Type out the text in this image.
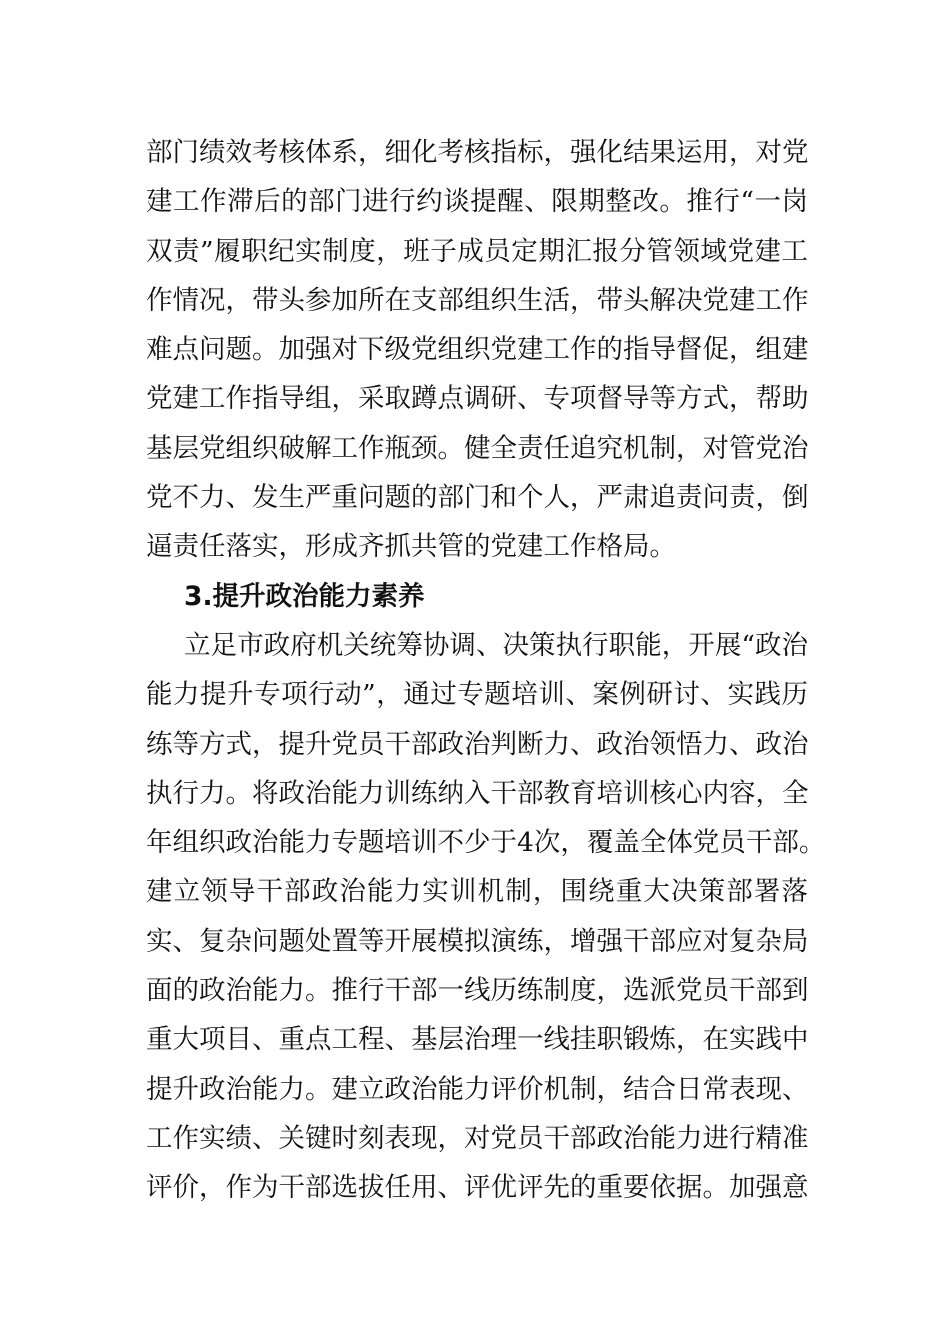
部门绩效考核体系，细化考核指标，强化结果运用，对党
建工作滞后的部门进行约谈提醒、限期整改。推行“一岗
双责”履职纪实制度，班子成员定期汇报分管领域党建工
作情况，带头参加所在支部组织生活，带头解决党建工作
难点问题。加强对下级党组织党建工作的指导督促，组建
党建工作指导组，采取蹲点调研、专项督导等方式，帮助
基层党组织破解工作瓶颈。健全责任追究机制，对管党治
党不力、发生严重问题的部门和个人，严肃追责问责，倒
逼责任落实，形成齐抓共管的党建工作格局。
3.提升政治能力素养
立足市政府机关统筹协调、决策执行职能，开展“政治
能力提升专项行动”，通过专题培训、案例研讨、实践历
练等方式，提升党员干部政治判断力、政治领悟力、政治
执行力。将政治能力训练纳入干部教育培训核心内容，全
年组织政治能力专题培训不少于4次，覆盖全体党员干部。
建立领导干部政治能力实训机制，围绕重大决策部署落
实、复杂问题处置等开展模拟演练，增强干部应对复杂局
面的政治能力。推行干部一线历练制度，选派党员干部到
重大项目、重点工程、基层治理一线挂职锻炼，在实践中
提升政治能力。建立政治能力评价机制，结合日常表现、
工作实绩、关键时刻表现，对党员干部政治能力进行精准
评价，作为干部选拔任用、评优评先的重要依据。加强意
